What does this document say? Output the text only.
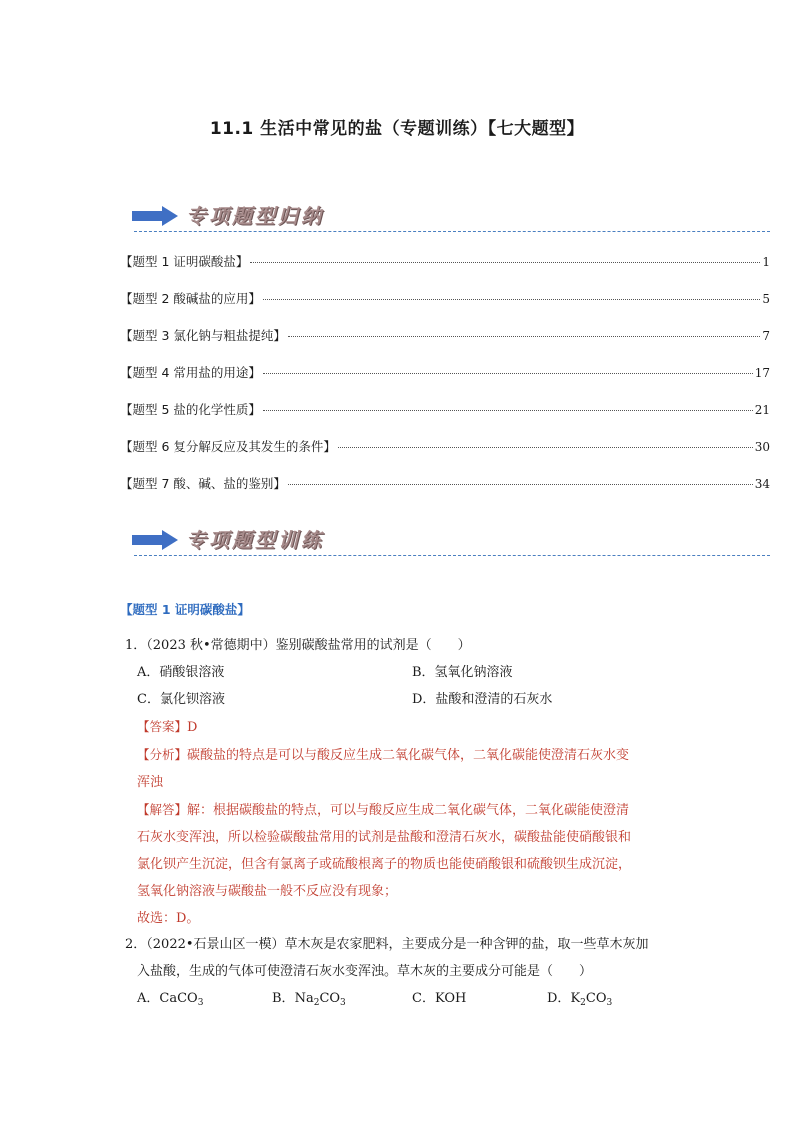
11.1 生活中常见的盐（专题训练）【七大题型】
专项题型归纳
【题型 1 证明碳酸盐】	1
【题型 2 酸碱盐的应用】	5
【题型 3 氯化钠与粗盐提纯】	7
【题型 4 常用盐的用途】	17
【题型 5 盐的化学性质】	21
【题型 6 复分解反应及其发生的条件】	30
【题型 7 酸、碱、盐的鉴别】	34
专项题型训练
【题型 1 证明碳酸盐】

1．（2023 秋•常德期中）鉴别碳酸盐常用的试剂是（　　）

A．硝酸银溶液	B．氢氧化钠溶液
C．氯化钡溶液	D．盐酸和澄清的石灰水

【答案】D

【分析】碳酸盐的特点是可以与酸反应生成二氧化碳气体，二氧化碳能使澄清石灰水变

浑浊

【解答】解：根据碳酸盐的特点，可以与酸反应生成二氧化碳气体，二氧化碳能使澄清

石灰水变浑浊，所以检验碳酸盐常用的试剂是盐酸和澄清石灰水，碳酸盐能使硝酸银和

氯化钡产生沉淀，但含有氯离子或硫酸根离子的物质也能使硝酸银和硫酸钡生成沉淀，

氢氧化钠溶液与碳酸盐一般不反应没有现象；

故选：D。

2．（2022•石景山区一模）草木灰是农家肥料，主要成分是一种含钾的盐，取一些草木灰加

入盐酸，生成的气体可使澄清石灰水变浑浊。草木灰的主要成分可能是（　　）

A．CaCO$_3$	B．$Na_2CO_3$	C．KOH	D．$K_2CO_3$
